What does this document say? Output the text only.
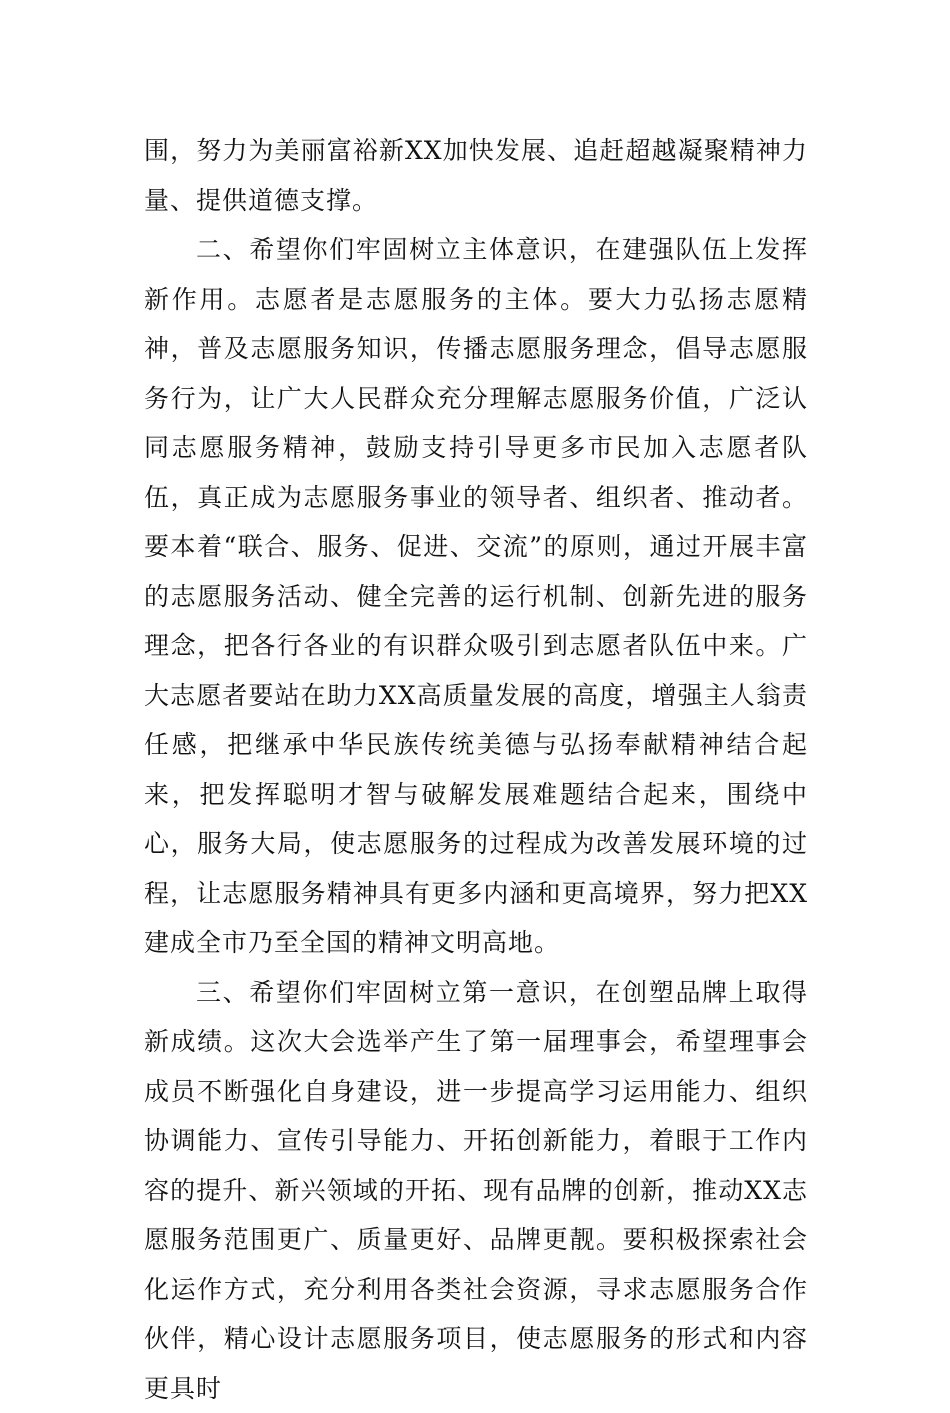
围，努力为美丽富裕新XX加快发展、追赶超越凝聚精神力量、提供道德支撑。

二、希望你们牢固树立主体意识，在建强队伍上发挥新作用。志愿者是志愿服务的主体。要大力弘扬志愿精神，普及志愿服务知识，传播志愿服务理念，倡导志愿服务行为，让广大人民群众充分理解志愿服务价值，广泛认同志愿服务精神，鼓励支持引导更多市民加入志愿者队伍，真正成为志愿服务事业的领导者、组织者、推动者。要本着“联合、服务、促进、交流”的原则，通过开展丰富的志愿服务活动、健全完善的运行机制、创新先进的服务理念，把各行各业的有识群众吸引到志愿者队伍中来。广大志愿者要站在助力XX高质量发展的高度，增强主人翁责任感，把继承中华民族传统美德与弘扬奉献精神结合起来，把发挥聪明才智与破解发展难题结合起来，围绕中心，服务大局，使志愿服务的过程成为改善发展环境的过程，让志愿服务精神具有更多内涵和更高境界，努力把XX建成全市乃至全国的精神文明高地。

三、希望你们牢固树立第一意识，在创塑品牌上取得新成绩。这次大会选举产生了第一届理事会，希望理事会成员不断强化自身建设，进一步提高学习运用能力、组织协调能力、宣传引导能力、开拓创新能力，着眼于工作内容的提升、新兴领域的开拓、现有品牌的创新，推动XX志愿服务范围更广、质量更好、品牌更靓。要积极探索社会化运作方式，充分利用各类社会资源，寻求志愿服务合作伙伴，精心设计志愿服务项目，使志愿服务的形式和内容更具时
